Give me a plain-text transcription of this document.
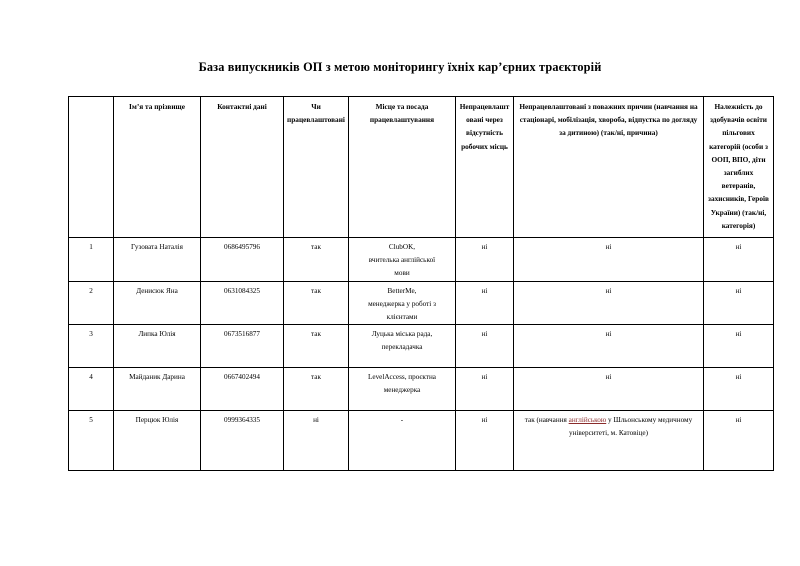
База випускників ОП з метою моніторингу їхніх кар’єрних траєкторій
	Ім’я та прізвище	Контактні дані	Чи працевлаштовані	Місце та посада працевлаштування	Непрацевлаштовані через відсутність робочих місць	Непрацевлаштовані з поважних причин (навчання на стаціонарі, мобілізація, хвороба, відпустка по догляду за дитиною) (так/ні, причина)	Належність до здобувачів освіти пільгових категорій (особи з ООП, ВПО, діти загиблих ветеранів, захисників, Героїв України) (так/ні, категорія)
1	Гузовата Наталія	0686495796	так	ClubOK,
вчителька англійської
мови	ні	ні	ні
2	Денисюк Яна	0631084325	так	BetterMe,
менеджерка у роботі з
клієнтами	ні	ні	ні
3	Липка Юлія	0673516877	так	Луцька міська рада,
перекладачка	ні	ні	ні
4	Майданик Дарина	0667402494	так	LevelAccess, проєктна
менеджерка	ні	ні	ні
5	Перцюк Юлія	0999364335	ні	-	ні	так (навчання англійською у Шльонському медичному університеті, м. Катовіце)	ні
